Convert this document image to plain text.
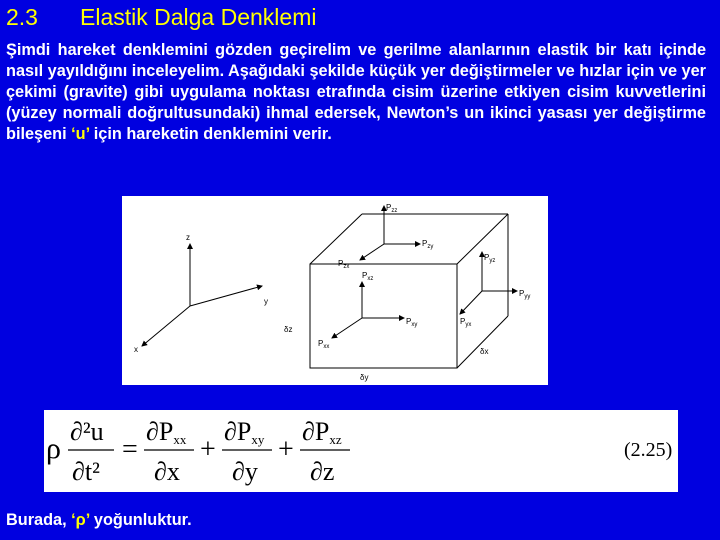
2.3 Elastik Dalga Denklemi
Şimdi hareket denklemini gözden geçirelim ve gerilme alanlarının elastik bir katı içinde nasıl yayıldığını inceleyelim. Aşağıdaki şekilde küçük yer değiştirmeler ve hızlar için ve yer çekimi (gravite) gibi uygulama noktası etrafında cisim üzerine etkiyen cisim kuvvetlerini (yüzey normali doğrultusundaki) ihmal edersek, Newton’s un ikinci yasası yer değiştirme bileşeni ‘u’ için hareketin denklemini verir.
z
y
x
$P_{zz}$
$P_{zy}$
$P_{zx}$
$P_{yz}$
$P_{yy}$
$P_{yx}$
$P_{xz}$
$P_{xy}$
$P_{xx}$
δz
δx
δy
ρ
∂²u
∂t²
=
∂Pxx
∂x
+
∂Pxy
∂y
+
∂Pxz
∂z
(2.25)
Burada, ‘ρ’ yoğunluktur.
